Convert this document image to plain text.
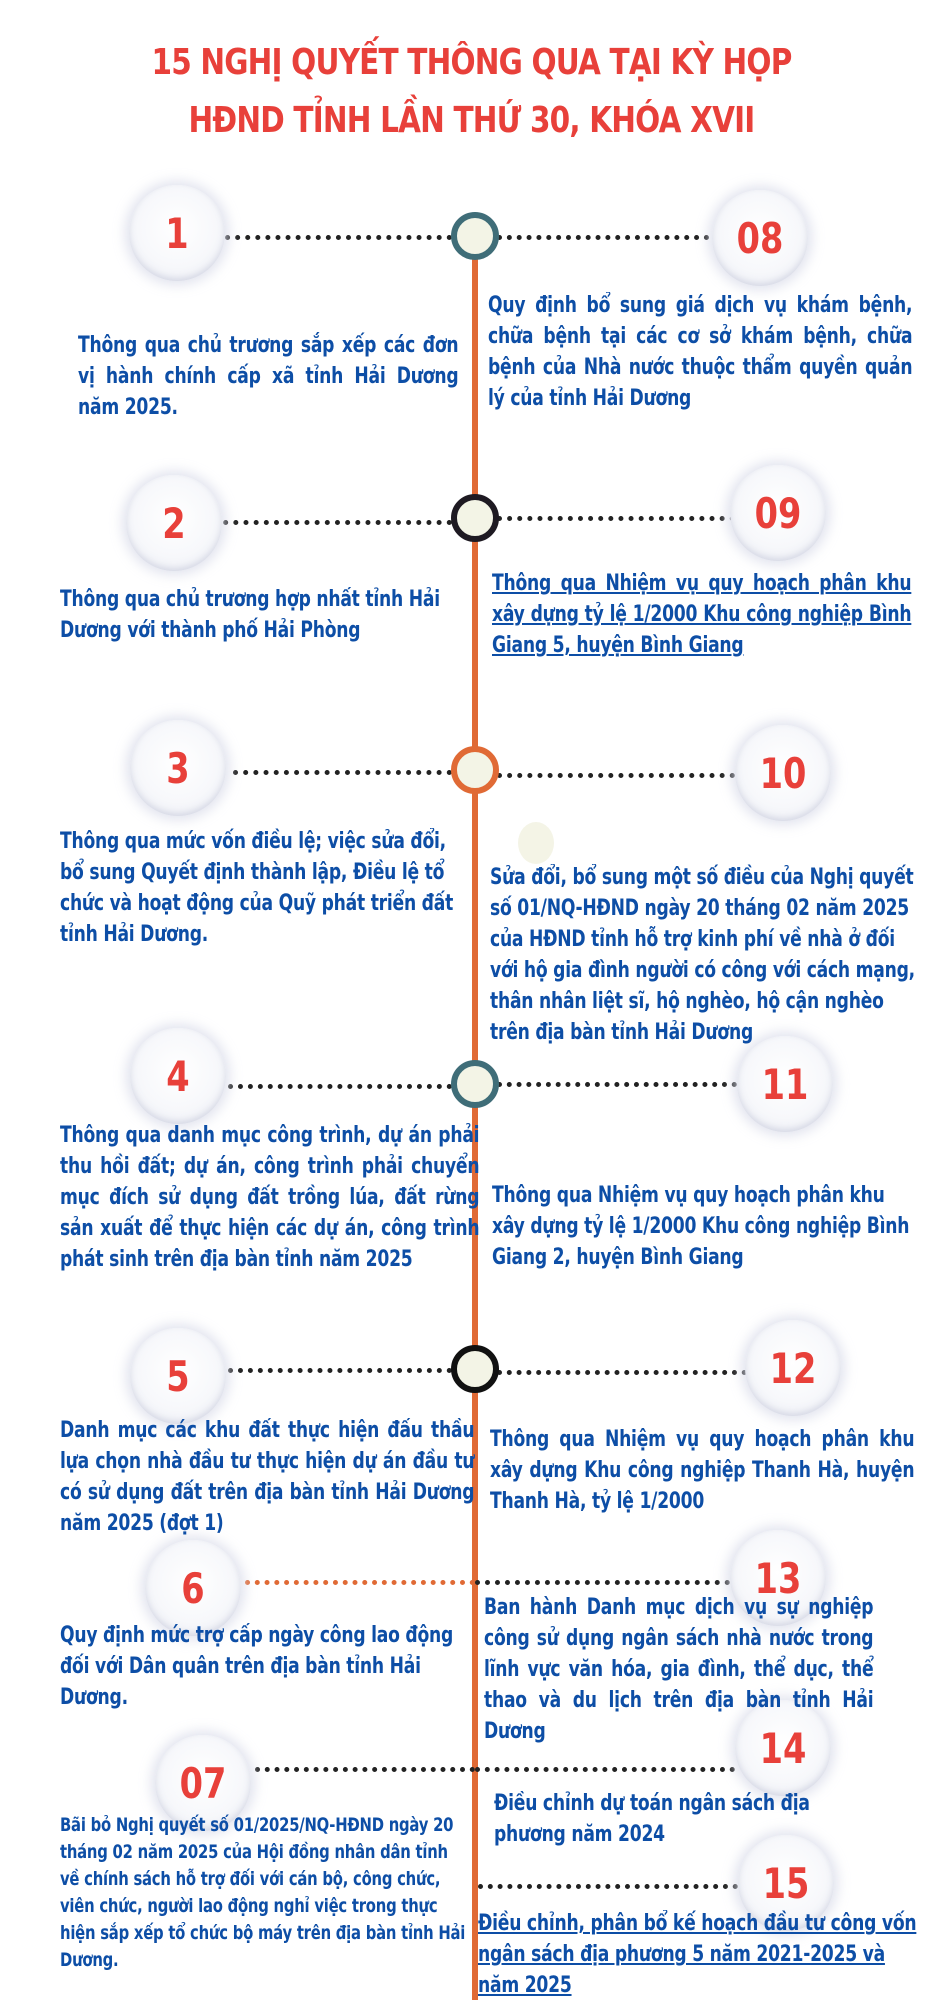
15 NGHỊ QUYẾT THÔNG QUA TẠI KỲ HỌP
HĐND TỈNH LẦN THỨ 30, KHÓA XVII
1
2
3
4
5
6
07
08
09
10
11
12
13
14
15
Thông qua chủ trương sắp xếp các đơn vị hành chính cấp xã tỉnh Hải Dương năm 2025.
Thông qua chủ trương hợp nhất tỉnh Hải Dương với thành phố Hải Phòng
Thông qua mức vốn điều lệ; việc sửa đổi, bổ sung Quyết định thành lập, Điều lệ tổ chức và hoạt động của Quỹ phát triển đất tỉnh Hải Dương.
Thông qua danh mục công trình, dự án phải thu hồi đất; dự án, công trình phải chuyển mục đích sử dụng đất trồng lúa, đất rừng sản xuất để thực hiện các dự án, công trình phát sinh trên địa bàn tỉnh năm 2025
Danh mục các khu đất thực hiện đấu thầu lựa chọn nhà đầu tư thực hiện dự án đầu tư có sử dụng đất trên địa bàn tỉnh Hải Dương năm 2025 (đợt 1)
Quy định mức trợ cấp ngày công lao động đối với Dân quân trên địa bàn tỉnh Hải Dương.
Bãi bỏ Nghị quyết số 01/2025/NQ-HĐND ngày 20 tháng 02 năm 2025 của Hội đồng nhân dân tỉnh về chính sách hỗ trợ đối với cán bộ, công chức, viên chức, người lao động nghỉ việc trong thực hiện sắp xếp tổ chức bộ máy trên địa bàn tỉnh Hải Dương.
Quy định bổ sung giá dịch vụ khám bệnh, chữa bệnh tại các cơ sở khám bệnh, chữa bệnh của Nhà nước thuộc thẩm quyền quản lý của tỉnh Hải Dương
Thông qua Nhiệm vụ quy hoạch phân khu xây dựng tỷ lệ 1/2000 Khu công nghiệp Bình Giang 5, huyện Bình Giang
Sửa đổi, bổ sung một số điều của Nghị quyết số 01/NQ-HĐND ngày 20 tháng 02 năm 2025 của HĐND tỉnh hỗ trợ kinh phí về nhà ở đối với hộ gia đình người có công với cách mạng, thân nhân liệt sĩ, hộ nghèo, hộ cận nghèo trên địa bàn tỉnh Hải Dương
Thông qua Nhiệm vụ quy hoạch phân khu xây dựng tỷ lệ 1/2000 Khu công nghiệp Bình Giang 2, huyện Bình Giang
Thông qua Nhiệm vụ quy hoạch phân khu xây dựng Khu công nghiệp Thanh Hà, huyện Thanh Hà, tỷ lệ 1/2000
Ban hành Danh mục dịch vụ sự nghiệp công sử dụng ngân sách nhà nước trong lĩnh vực văn hóa, gia đình, thể dục, thể thao và du lịch trên địa bàn tỉnh Hải Dương
Điều chỉnh dự toán ngân sách địa phương năm 2024
Điều chỉnh, phân bổ kế hoạch đầu tư công vốn ngân sách địa phương 5 năm 2021-2025 và năm 2025
